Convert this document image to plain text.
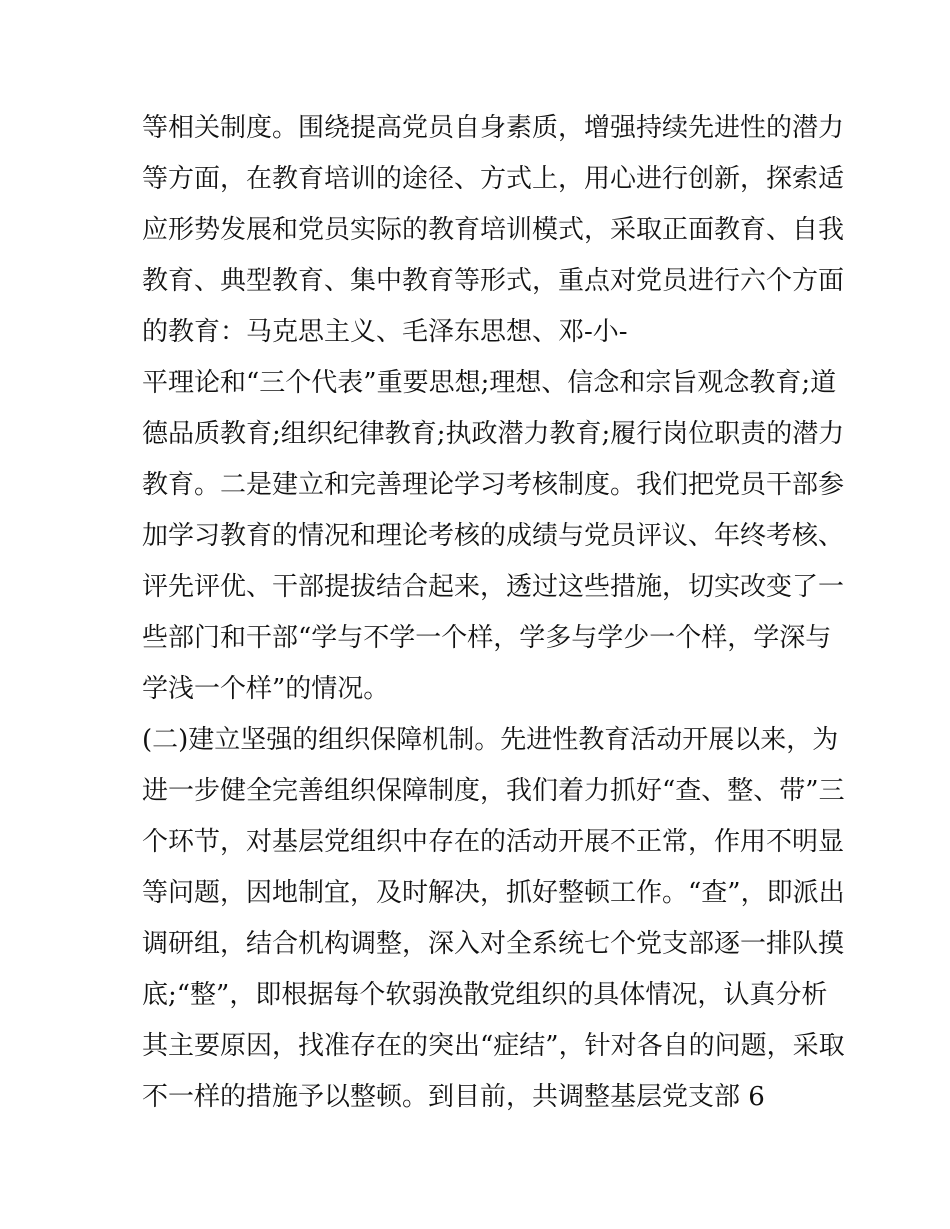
等相关制度。围绕提高党员自身素质，增强持续先进性的潜力
等方面，在教育培训的途径、方式上，用心进行创新，探索适
应形势发展和党员实际的教育培训模式，采取正面教育、自我
教育、典型教育、集中教育等形式，重点对党员进行六个方面
的教育：马克思主义、毛泽东思想、邓-小-
平理论和“三个代表”重要思想;理想、信念和宗旨观念教育;道
德品质教育;组织纪律教育;执政潜力教育;履行岗位职责的潜力
教育。二是建立和完善理论学习考核制度。我们把党员干部参
加学习教育的情况和理论考核的成绩与党员评议、年终考核、
评先评优、干部提拔结合起来，透过这些措施，切实改变了一
些部门和干部“学与不学一个样，学多与学少一个样，学深与
学浅一个样”的情况。
(二)建立坚强的组织保障机制。先进性教育活动开展以来，为
进一步健全完善组织保障制度，我们着力抓好“查、整、带”三
个环节，对基层党组织中存在的活动开展不正常，作用不明显
等问题，因地制宜，及时解决，抓好整顿工作。“查”，即派出
调研组，结合机构调整，深入对全系统七个党支部逐一排队摸
底;“整”，即根据每个软弱涣散党组织的具体情况，认真分析
其主要原因，找准存在的突出“症结”，针对各自的问题，采取
不一样的措施予以整顿。到目前，共调整基层党支部 6
